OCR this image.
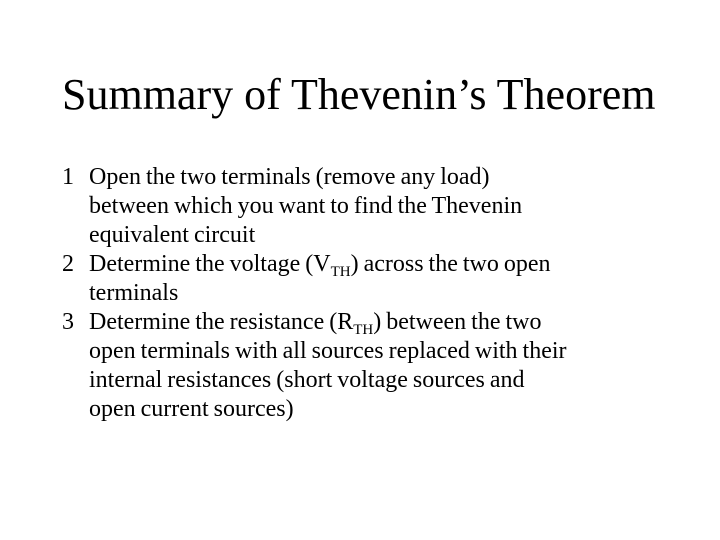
Summary of Thevenin’s Theorem
1 Open the two terminals (remove any load)
between which you want to find the Thevenin
equivalent circuit
2 Determine the voltage $(V_{TH})$ across the two open
terminals
3 Determine the resistance $(R_{TH})$ between the two
open terminals with all sources replaced with their
internal resistances (short voltage sources and
open current sources)
